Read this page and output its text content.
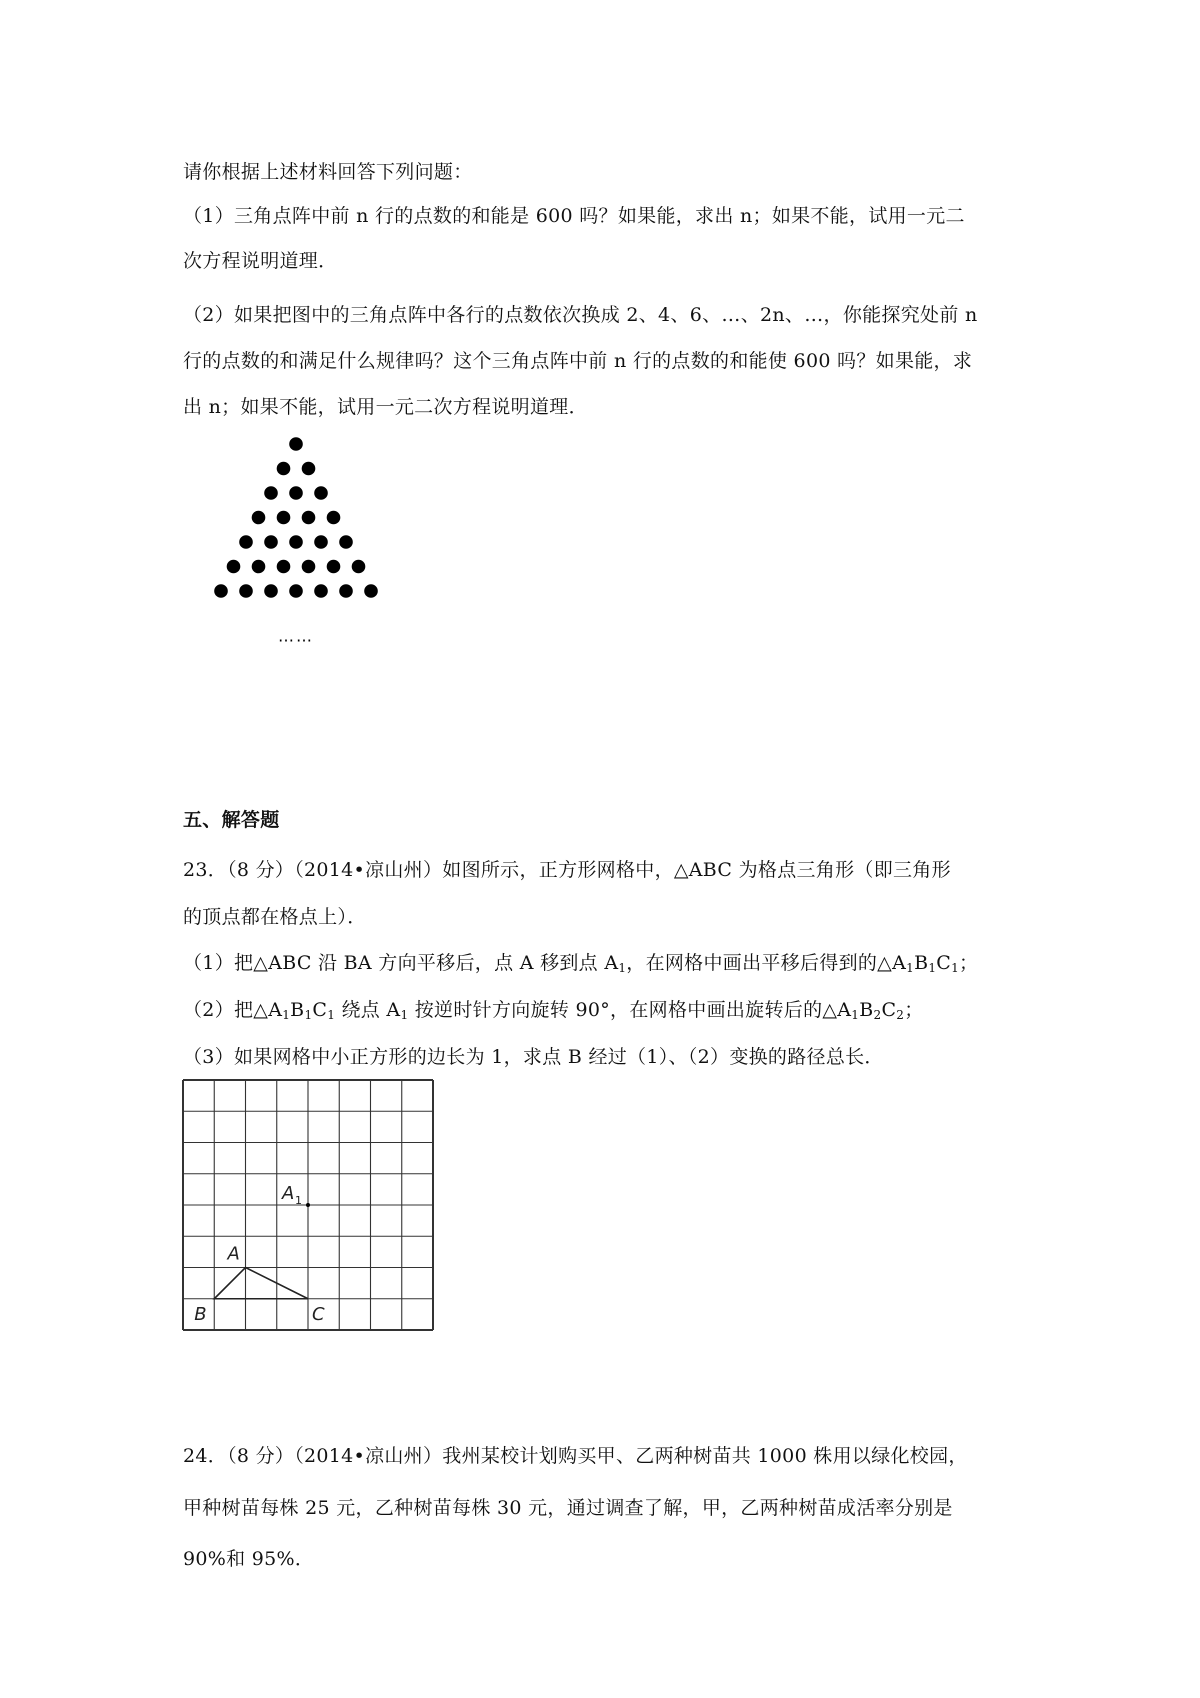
请你根据上述材料回答下列问题：
（1）三角点阵中前 n 行的点数的和能是 600 吗？如果能，求出 n；如果不能，试用一元二
次方程说明道理．
（2）如果把图中的三角点阵中各行的点数依次换成 2、4、6、…、2n、…，你能探究处前 n
行的点数的和满足什么规律吗？这个三角点阵中前 n 行的点数的和能使 600 吗？如果能，求
出 n；如果不能，试用一元二次方程说明道理．
……
五、解答题
23．（8 分）（2014•凉山州）如图所示，正方形网格中，△ABC 为格点三角形（即三角形
的顶点都在格点上）．
（1）把△ABC 沿 BA 方向平移后，点 A 移到点 $A_1$，在网格中画出平移后得到的$\triangle A_1B_1C_1$；
（2）把$\triangle A_1B_1C_1$ 绕点 $A_1$ 按逆时针方向旋转 90°，在网格中画出旋转后的$\triangle A_1B_2C_2$；
（3）如果网格中小正方形的边长为 1，求点 B 经过（1）、（2）变换的路径总长．
A
B	C
A 1
24．（8 分）（2014•凉山州）我州某校计划购买甲、乙两种树苗共 1000 株用以绿化校园，
甲种树苗每株 25 元，乙种树苗每株 30 元，通过调查了解，甲，乙两种树苗成活率分别是
90%和 95%．
